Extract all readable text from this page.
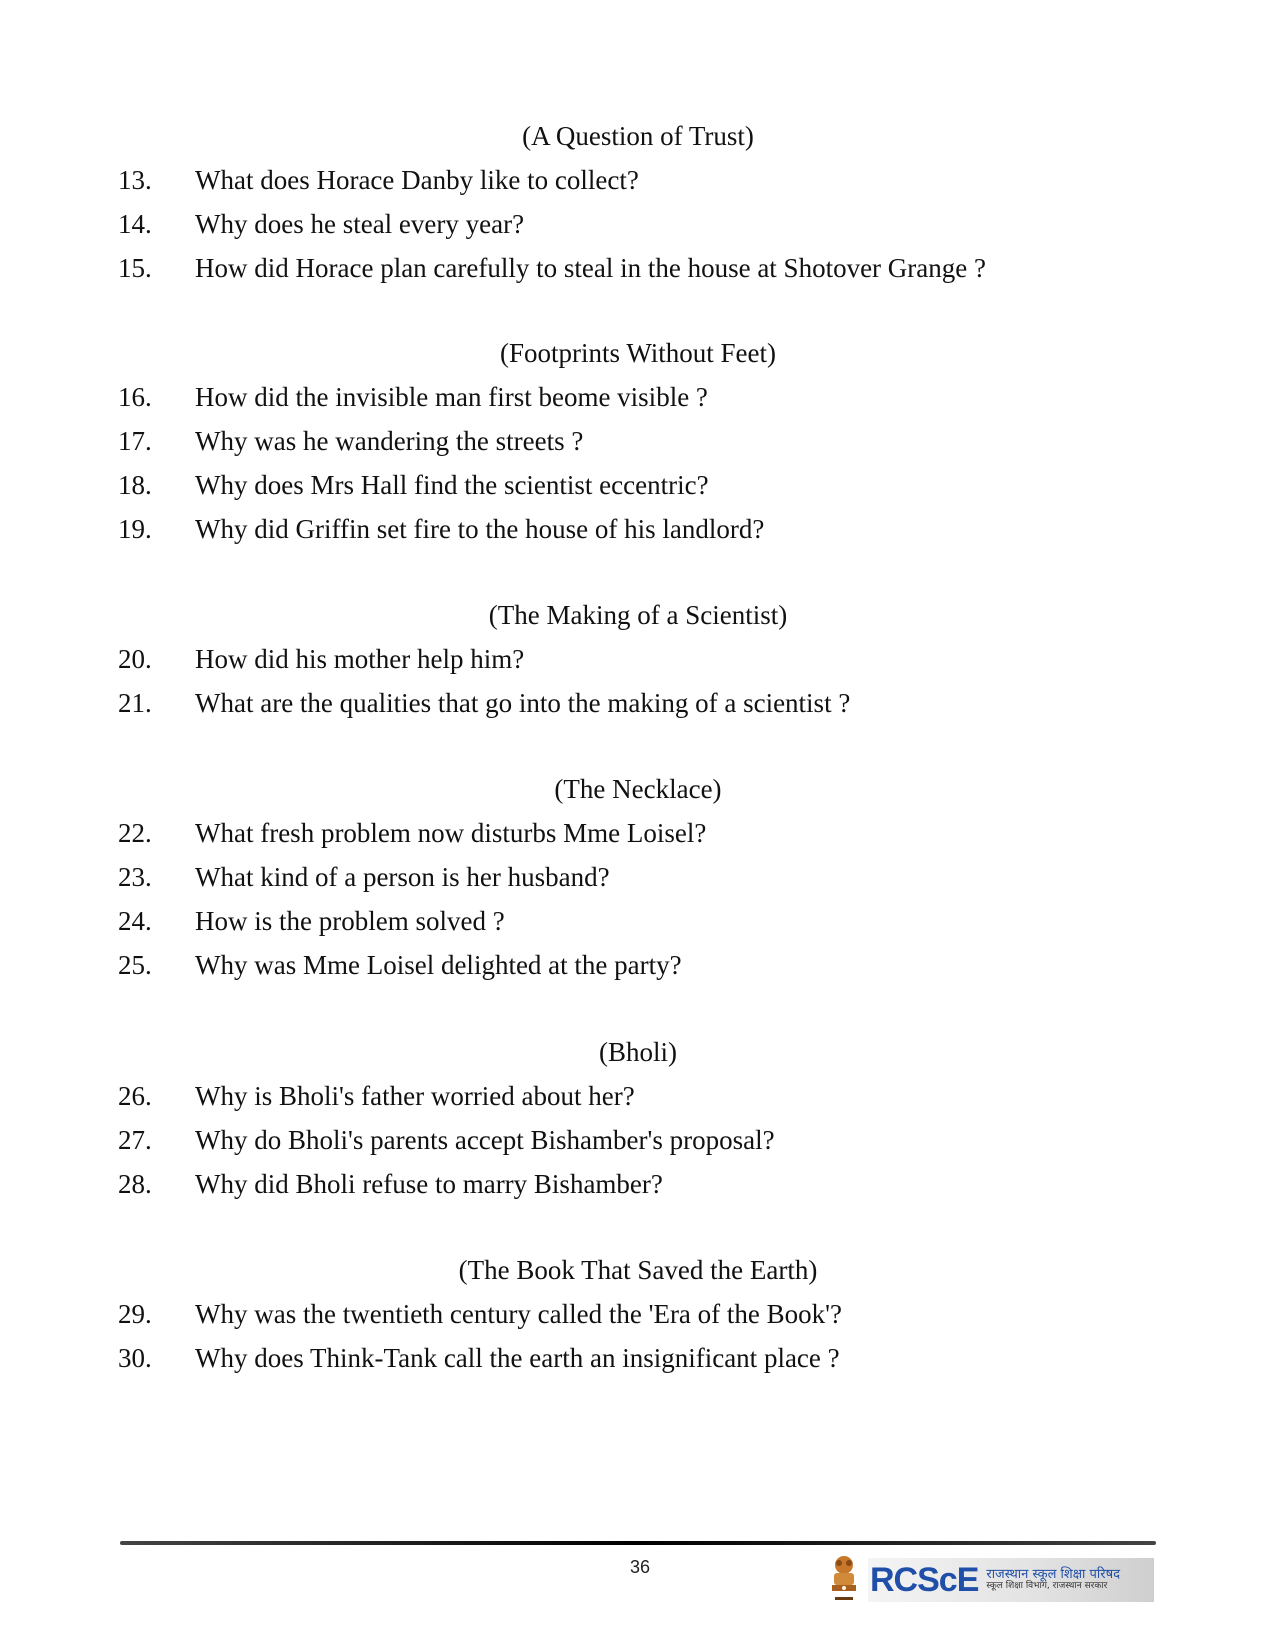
(A Question of Trust)
13.	What does Horace Danby like to collect?
14.	Why does he steal every year?
15.	How did Horace plan carefully to steal in the house at Shotover Grange ?
(Footprints Without Feet)
16.	How did the invisible man first beome visible ?
17.	Why was he wandering the streets ?
18.	Why does Mrs Hall find the scientist eccentric?
19.	Why did Griffin set fire to the house of his landlord?
(The Making of a Scientist)
20.	How did his mother help him?
21.	What are the qualities that go into the making of a scientist ?
(The Necklace)
22.	What fresh problem now disturbs Mme Loisel?
23.	What kind of a person is her husband?
24.	How is the problem solved ?
25.	Why was Mme Loisel delighted at the party?
(Bholi)
26.	Why is Bholi's father worried about her?
27.	Why do Bholi's parents accept Bishamber's proposal?
28.	Why did Bholi refuse to marry Bishamber?
(The Book That Saved the Earth)
29.	Why was the twentieth century called the 'Era of the Book'?
30.	Why does Think-Tank call the earth an insignificant place ?
36	RCScE राजस्थान स्कूल शिक्षा परिषद
स्कूल शिक्षा विभाग, राजस्थान सरकार
